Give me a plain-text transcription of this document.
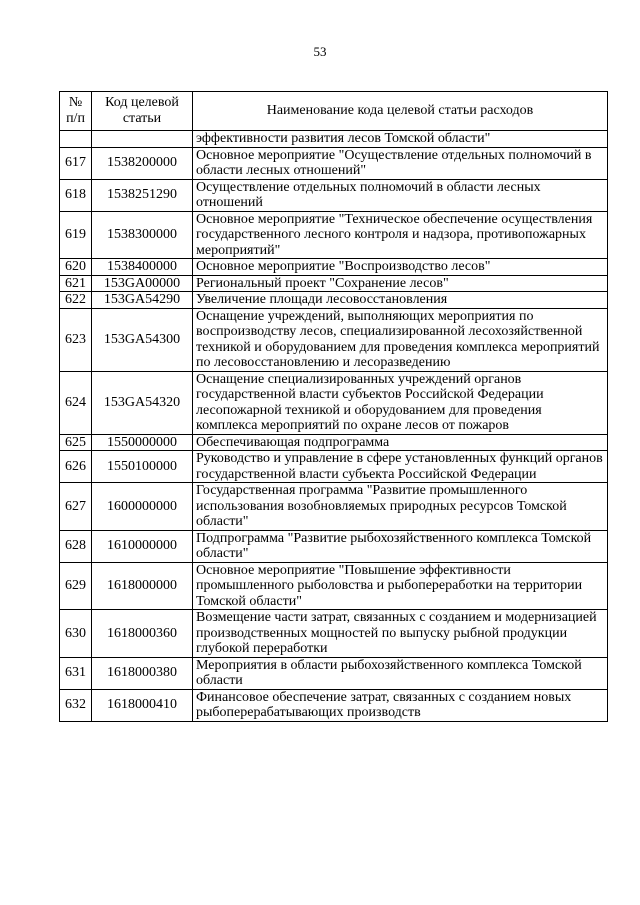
53
№ п/п	Код целевой статьи	Наименование кода целевой статьи расходов
		эффективности развития лесов Томской области"
617	1538200000	Основное мероприятие "Осуществление отдельных полномочий в области лесных отношений"
618	1538251290	Осуществление отдельных полномочий в области лесных отношений
619	1538300000	Основное мероприятие "Техническое обеспечение осуществления государственного лесного контроля и надзора, противопожарных мероприятий"
620	1538400000	Основное мероприятие "Воспроизводство лесов"
621	153GA00000	Региональный проект "Сохранение лесов"
622	153GA54290	Увеличение площади лесовосстановления
623	153GA54300	Оснащение учреждений, выполняющих мероприятия по воспроизводству лесов, специализированной лесохозяйственной техникой и оборудованием для проведения комплекса мероприятий по лесовосстановлению и лесоразведению
624	153GA54320	Оснащение специализированных учреждений органов государственной власти субъектов Российской Федерации лесопожарной техникой и оборудованием для проведения комплекса мероприятий по охране лесов от пожаров
625	1550000000	Обеспечивающая подпрограмма
626	1550100000	Руководство и управление в сфере установленных функций органов государственной власти субъекта Российской Федерации
627	1600000000	Государственная программа "Развитие промышленного использования возобновляемых природных ресурсов Томской области"
628	1610000000	Подпрограмма "Развитие рыбохозяйственного комплекса Томской области"
629	1618000000	Основное мероприятие "Повышение эффективности промышленного рыболовства и рыбопереработки на территории Томской области"
630	1618000360	Возмещение части затрат, связанных с созданием и модернизацией производственных мощностей по выпуску рыбной продукции глубокой переработки
631	1618000380	Мероприятия в области рыбохозяйственного комплекса Томской области
632	1618000410	Финансовое обеспечение затрат, связанных с созданием новых рыбоперерабатывающих производств
